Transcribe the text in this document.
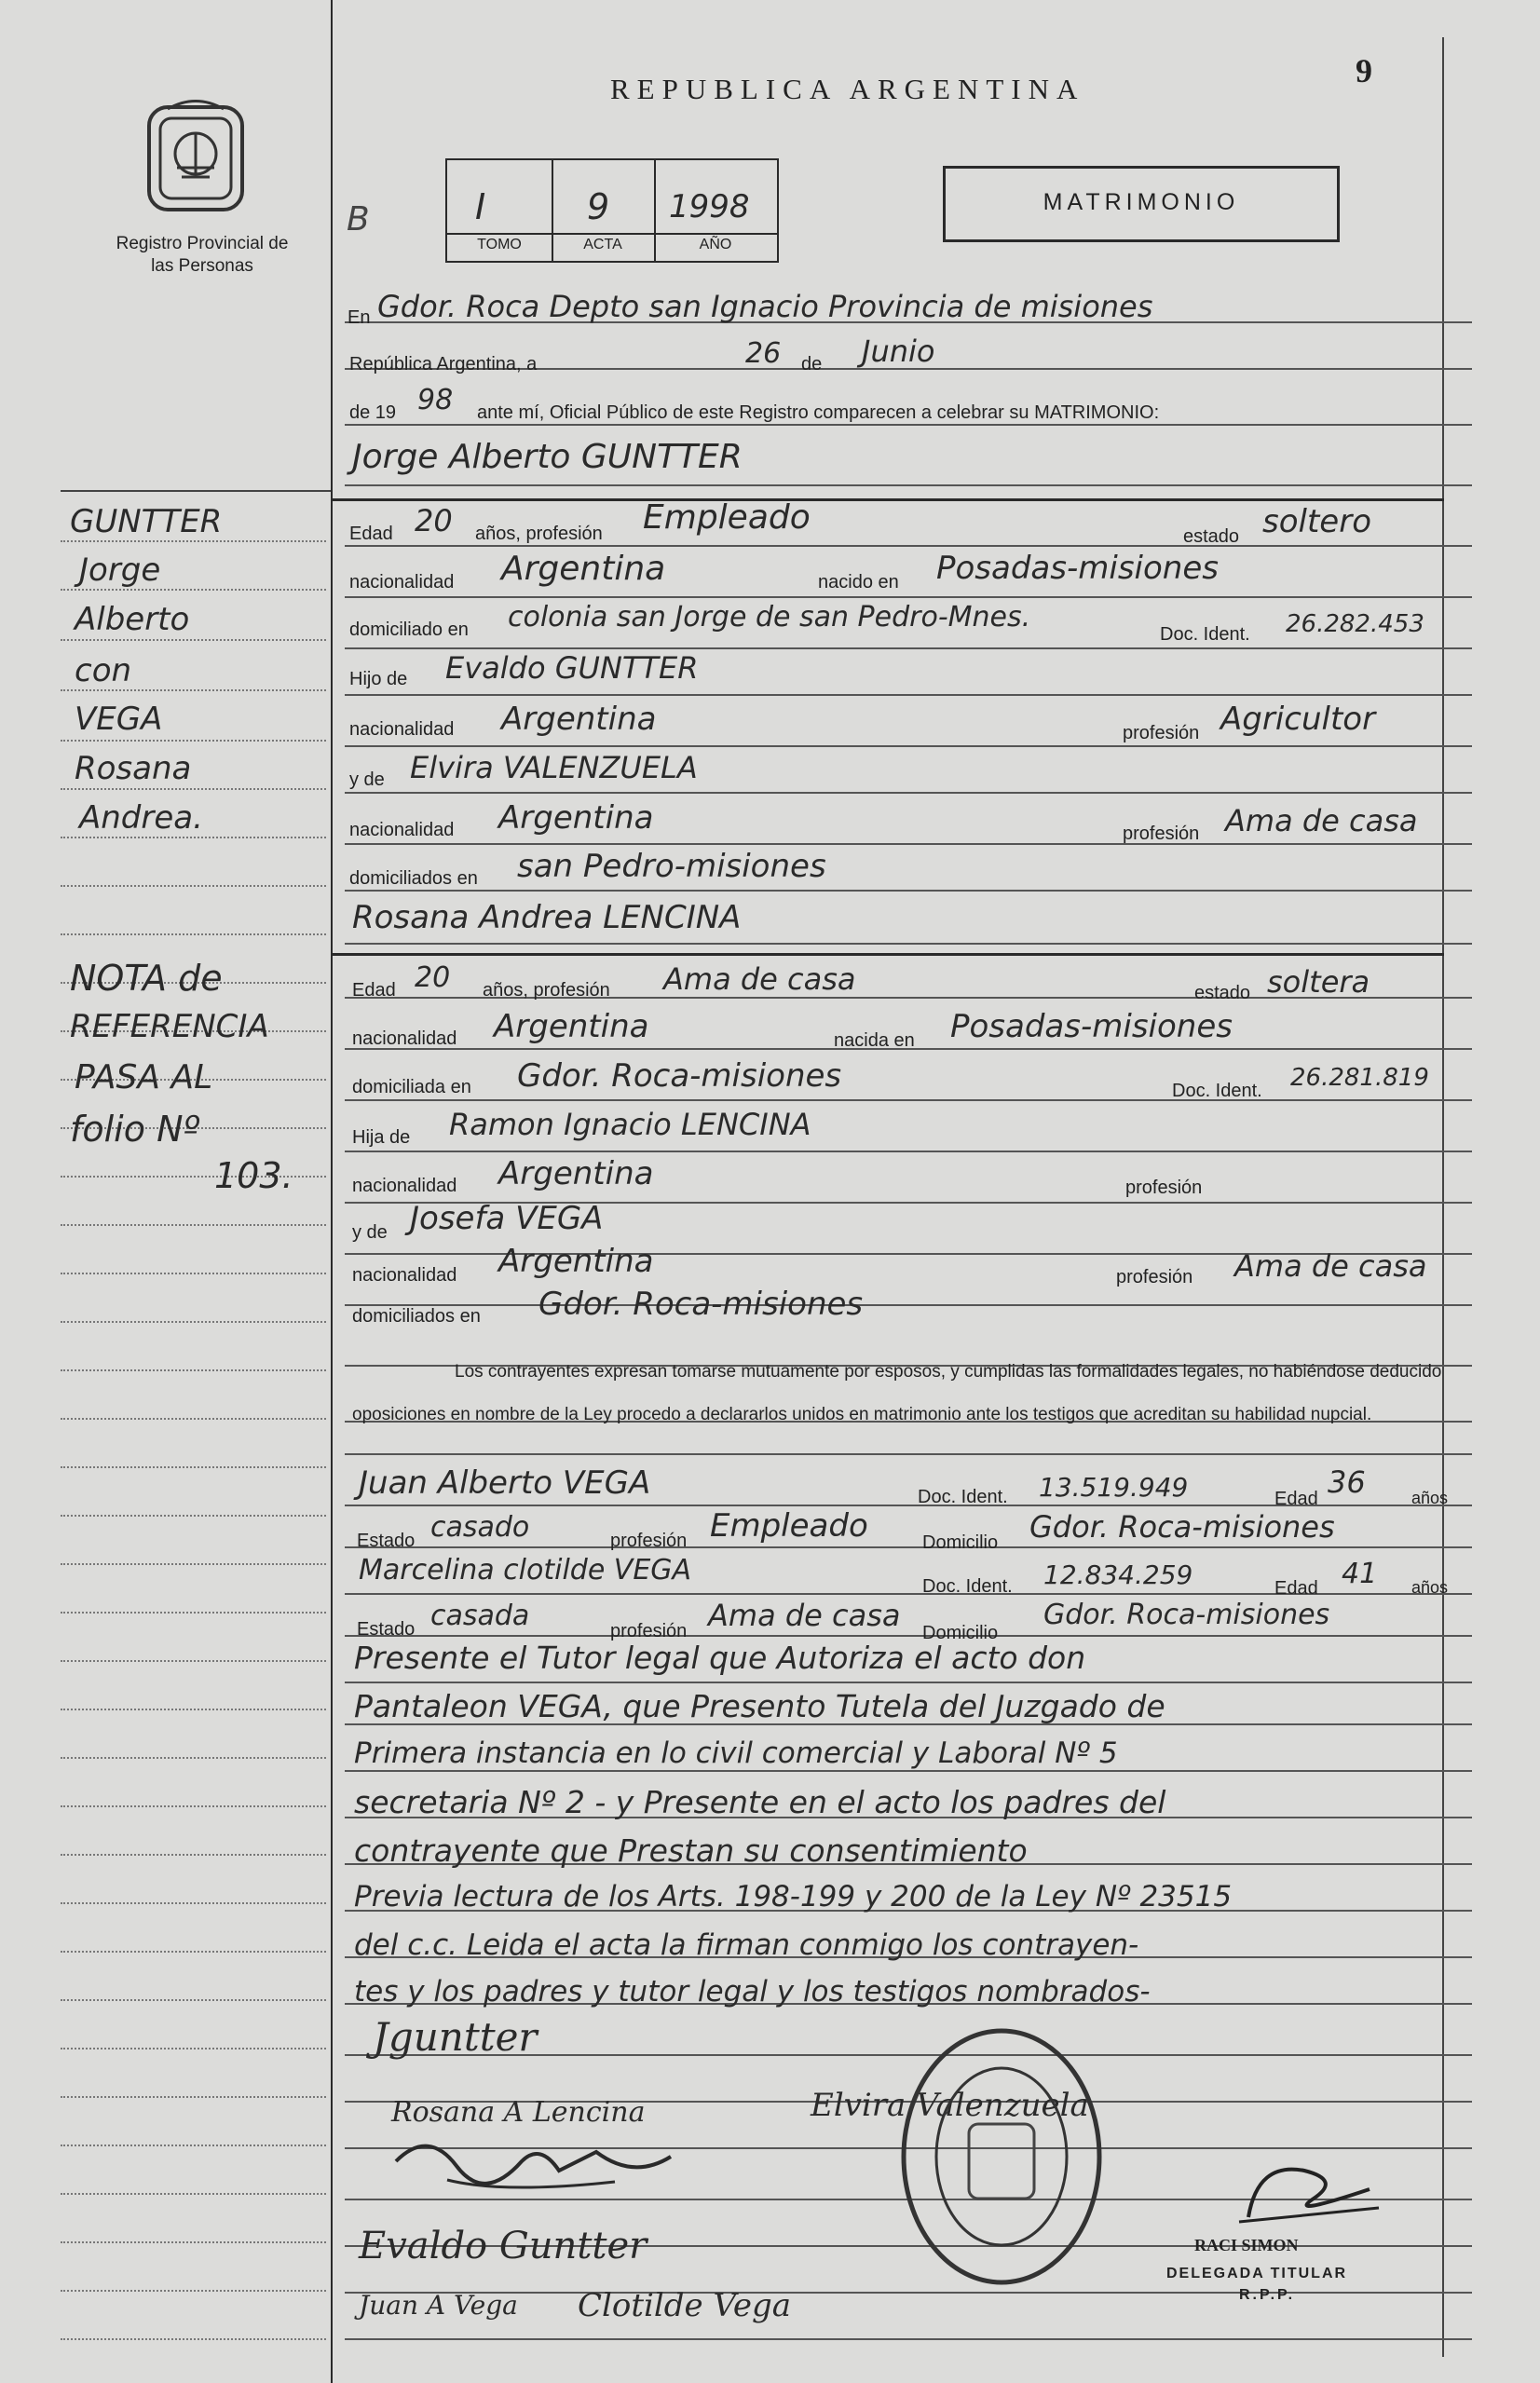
Registro Provincial de las Personas
REPUBLICA ARGENTINA	9
B	I	9 1998
TOMO	ACTA	AÑO
MATRIMONIO
GUNTTER
Jorge
Alberto
con
VEGA
Rosana
Andrea.
NOTA de
REFERENCIA
PASA AL
folio Nº
103.
En Gdor. Roca Depto san Ignacio Provincia de misiones
República Argentina, a	26 de Junio
de 19 98 ante mí, Oficial Público de este Registro comparecen a celebrar su MATRIMONIO:
Jorge Alberto GUNTTER
Edad 20 años, profesión Empleado	estado soltero
nacionalidad Argentina	nacido en Posadas-misiones
domiciliado en colonia san Jorge de san Pedro-Mnes.
Doc. Ident. 26.282.453
Hijo de Evaldo GUNTTER
nacionalidad Argentina	profesión Agricultor
y de Elvira VALENZUELA
nacionalidad Argentina	profesión Ama de casa
domiciliados en san Pedro-misiones
Rosana Andrea LENCINA
Edad 20 años, profesión Ama de casa	estado soltera
nacionalidad Argentina	nacida en Posadas-misiones
domiciliada en Gdor. Roca-misiones	Doc. Ident. 26.281.819
Hija de Ramon Ignacio LENCINA
nacionalidad Argentina	profesión
y de Josefa VEGA
nacionalidad Argentina	profesión Ama de casa
domiciliados en Gdor. Roca-misiones
Los contrayentes expresan tomarse mutuamente por esposos, y cumplidas las formalidades legales, no habiéndose deducido oposiciones en nombre de la Ley procedo a declararlos unidos en matrimonio ante los testigos que acreditan su habilidad nupcial.
Juan Alberto VEGA	Doc. Ident. 13.519.949	Edad 36	años
Estado casado	profesión Empleado	Domicilio Gdor. Roca-misiones
Marcelina clotilde VEGA	Doc. Ident. 12.834.259	Edad 41 años
Estado casada	profesión Ama de casa Domicilio
Gdor. Roca-misiones
Presente el Tutor legal que Autoriza el acto don
Pantaleon VEGA, que Presento Tutela del Juzgado de
Primera instancia en lo civil comercial y Laboral Nº 5
secretaria Nº 2 - y Presente en el acto los padres del
contrayente que Prestan su consentimiento
Previa lectura de los Arts. 198-199 y 200 de la Ley Nº 23515
del c.c. Leida el acta la firman conmigo los contrayen-
tes y los padres y tutor legal y los testigos nombrados-
Jguntter
Rosana A Lencina	Elvira Valenzuela
Evaldo Guntter
Juan A Vega Clotilde Vega
RACI SIMON
DELEGADA TITULAR
R.P.P.
